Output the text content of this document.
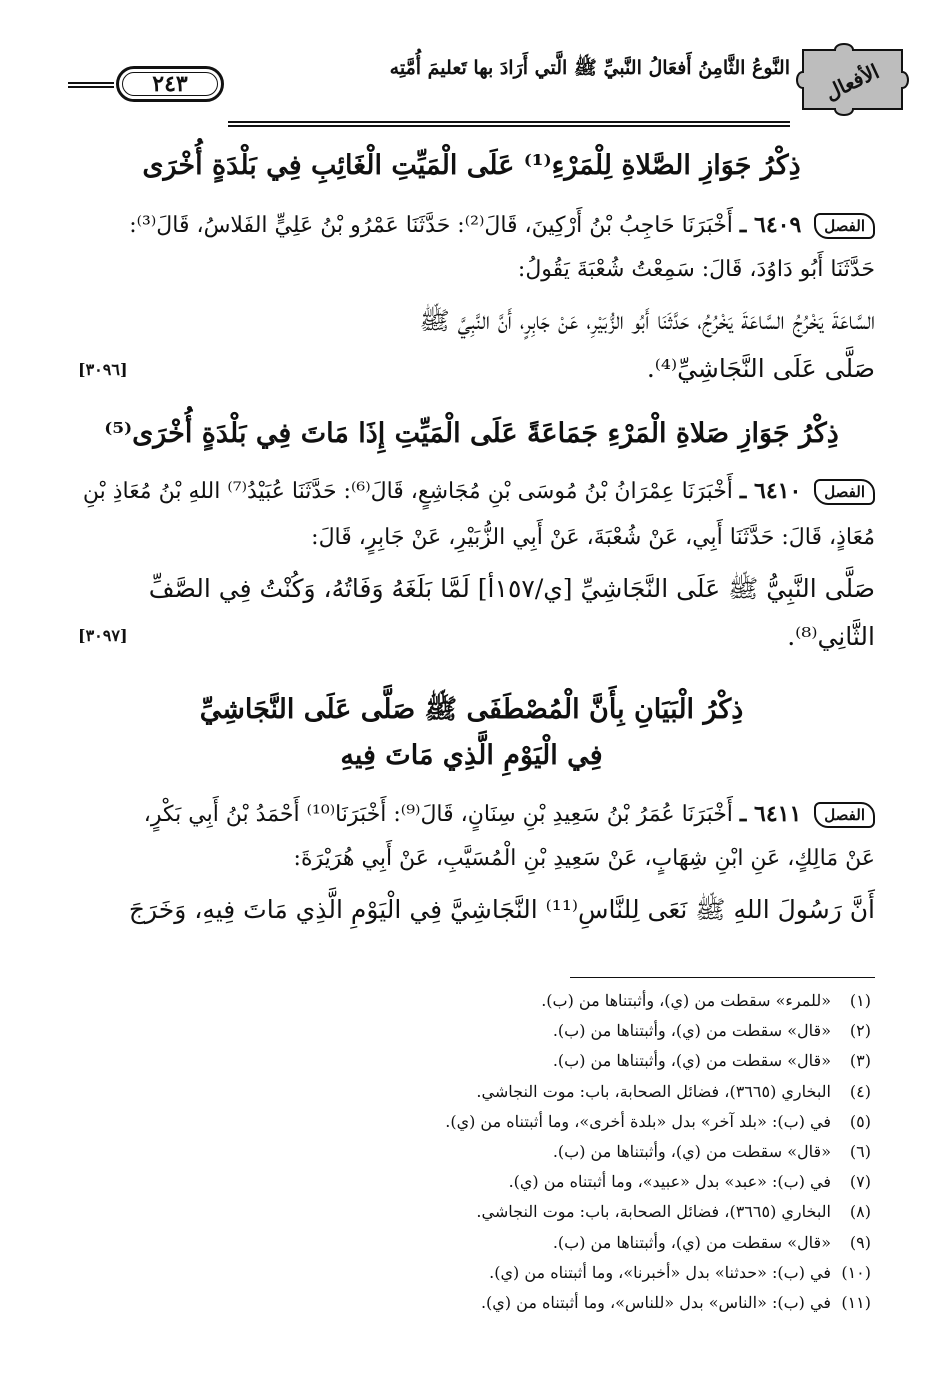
الأفعال
النَّوعُ الثَّامِنُ أَفعَالُ النَّبيِّ ﷺ الَّتي أَرَادَ بها تَعليمَ أُمَّتِه
٢٤٣
ذِكْرُ جَوَازِ الصَّلاةِ لِلْمَرْءِ⁽¹⁾ عَلَى الْمَيِّتِ الْغَائِبِ فِي بَلْدَةٍ أُخْرَى
الفصل ٦٤٠٩ ـ أَخْبَرَنَا حَاجِبُ بْنُ أَرْكِينَ، قَالَ⁽²⁾: حَدَّثَنَا عَمْرُو بْنُ عَلِيٍّ الفَلاسُ، قَالَ⁽³⁾:
حَدَّثَنَا أَبُو دَاوُدَ، قَالَ: سَمِعْتُ شُعْبَةَ يَقُولُ:
السَّاعَةَ يَخْرُجُ السَّاعَةَ يَخْرُجُ، حَدَّثَنَا أَبُو الزُّبَيْرِ، عَنْ جَابِرٍ، أَنَّ النَّبِيَّ ﷺ
صَلَّى عَلَى النَّجَاشِيِّ⁽⁴⁾.
[٣٠٩٦]
ذِكْرُ جَوَازِ صَلاةِ الْمَرْءِ جَمَاعَةً عَلَى الْمَيِّتِ إِذَا مَاتَ فِي بَلْدَةٍ أُخْرَى⁽⁵⁾
الفصل ٦٤١٠ ـ أَخْبَرَنَا عِمْرَانُ بْنُ مُوسَى بْنِ مُجَاشِعٍ، قَالَ⁽⁶⁾: حَدَّثَنَا عُبَيْدُ⁽⁷⁾ اللهِ بْنُ مُعَاذِ بْنِ
مُعَاذٍ، قَالَ: حَدَّثَنَا أَبِي، عَنْ شُعْبَةَ، عَنْ أَبِي الزُّبَيْرِ، عَنْ جَابِرٍ، قَالَ:
صَلَّى النَّبِيُّ ﷺ عَلَى النَّجَاشِيِّ [ي/١٥٧أ] لَمَّا بَلَغَهُ وَفَاتُهُ، وَكُنْتُ فِي الصَّفِّ
الثَّانِي⁽⁸⁾.
[٣٠٩٧]
ذِكْرُ الْبَيَانِ بِأَنَّ الْمُصْطَفَى ﷺ صَلَّى عَلَى النَّجَاشِيِّ
فِي الْيَوْمِ الَّذِي مَاتَ فِيهِ
الفصل ٦٤١١ ـ أَخْبَرَنَا عُمَرُ بْنُ سَعِيدِ بْنِ سِنَانٍ، قَالَ⁽⁹⁾: أَخْبَرَنَا⁽¹⁰⁾ أَحْمَدُ بْنُ أَبِي بَكْرٍ،
عَنْ مَالِكٍ، عَنِ ابْنِ شِهَابٍ، عَنْ سَعِيدِ بْنِ الْمُسَيَّبِ، عَنْ أَبِي هُرَيْرَةَ:
أَنَّ رَسُولَ اللهِ ﷺ نَعَى لِلنَّاسِ⁽¹¹⁾ النَّجَاشِيَّ فِي الْيَوْمِ الَّذِي مَاتَ فِيهِ، وَخَرَجَ
(١)«للمرء» سقطت من (ي)، وأثبتناها من (ب).
(٢)«قال» سقطت من (ي)، وأثبتناها من (ب).
(٣)«قال» سقطت من (ي)، وأثبتناها من (ب).
(٤)البخاري (٣٦٦٥)، فضائل الصحابة، باب: موت النجاشي.
(٥)في (ب): «بلد آخر» بدل «بلدة أخرى»، وما أثبتناه من (ي).
(٦)«قال» سقطت من (ي)، وأثبتناها من (ب).
(٧)في (ب): «عبد» بدل «عبيد»، وما أثبتناه من (ي).
(٨)البخاري (٣٦٦٥)، فضائل الصحابة، باب: موت النجاشي.
(٩)«قال» سقطت من (ي)، وأثبتناها من (ب).
(١٠)في (ب): «حدثنا» بدل «أخبرنا»، وما أثبتناه من (ي).
(١١)في (ب): «الناس» بدل «للناس»، وما أثبتناه من (ي).
